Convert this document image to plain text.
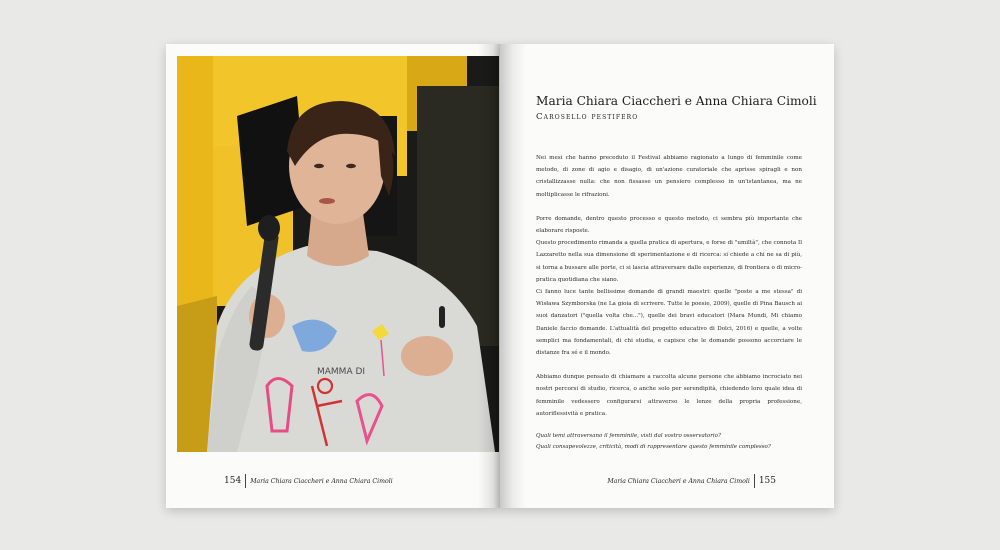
MAMMA DI
154 Maria Chiara Ciaccheri e Anna Chiara Cimoli
Maria Chiara Ciaccheri e Anna Chiara Cimoli
Carosello pestifero

Nei mesi che hanno preceduto il Festival abbiamo ragionato a lungo di femminile come metodo, di zone di agio e disagio, di un'azione curatoriale che aprisse spiragli e non cristallizzasse nulla: che non fissasse un pensiero complesso in un'istantanea, ma ne moltiplicasse le rifrazioni.

Porre domande, dentro questo processo e questo metodo, ci sembra più importante che elaborare risposte.

Questo procedimento rimanda a quella pratica di apertura, e forse di "umiltà", che connota Il Lazzaretto nella sua dimensione di sperimentazione e di ricerca: si chiede a chi ne sa di più, si torna a bussare alle porte, ci si lascia attraversare dalle esperienze, di frontiera o di micro-pratica quotidiana che siano.

Ci fanno luce tante bellissime domande di grandi maestri: quelle "poste a me stessa" di Wisława Szymborska (ne La gioia di scrivere. Tutte le poesie, 2009), quelle di Pina Bausch ai suoi danzatori ("quella volta che..."), quelle dei bravi educatori (Mara Mundi, Mi chiamo Daniele faccio domande. L'attualità del progetto educativo di Dolci, 2016) e quelle, a volte semplici ma fondamentali, di chi studia, e capisce che le domande possono accorciare le distanze fra sé e il mondo.

Abbiamo dunque pensato di chiamare a raccolta alcune persone che abbiamo incrociato nei nostri percorsi di studio, ricerca, o anche solo per serendipità, chiedendo loro quale idea di femminile vedessero configurarsi attraverso le lenze della propria professione, autoriflessività e pratica.

Quali temi attraversano il femminile, visti dal vostro osservatorio?

Quali consapevolezze, criticità, modi di rappresentare questo femminile complesso?

Maria Chiara Ciaccheri e Anna Chiara Cimoli 155
